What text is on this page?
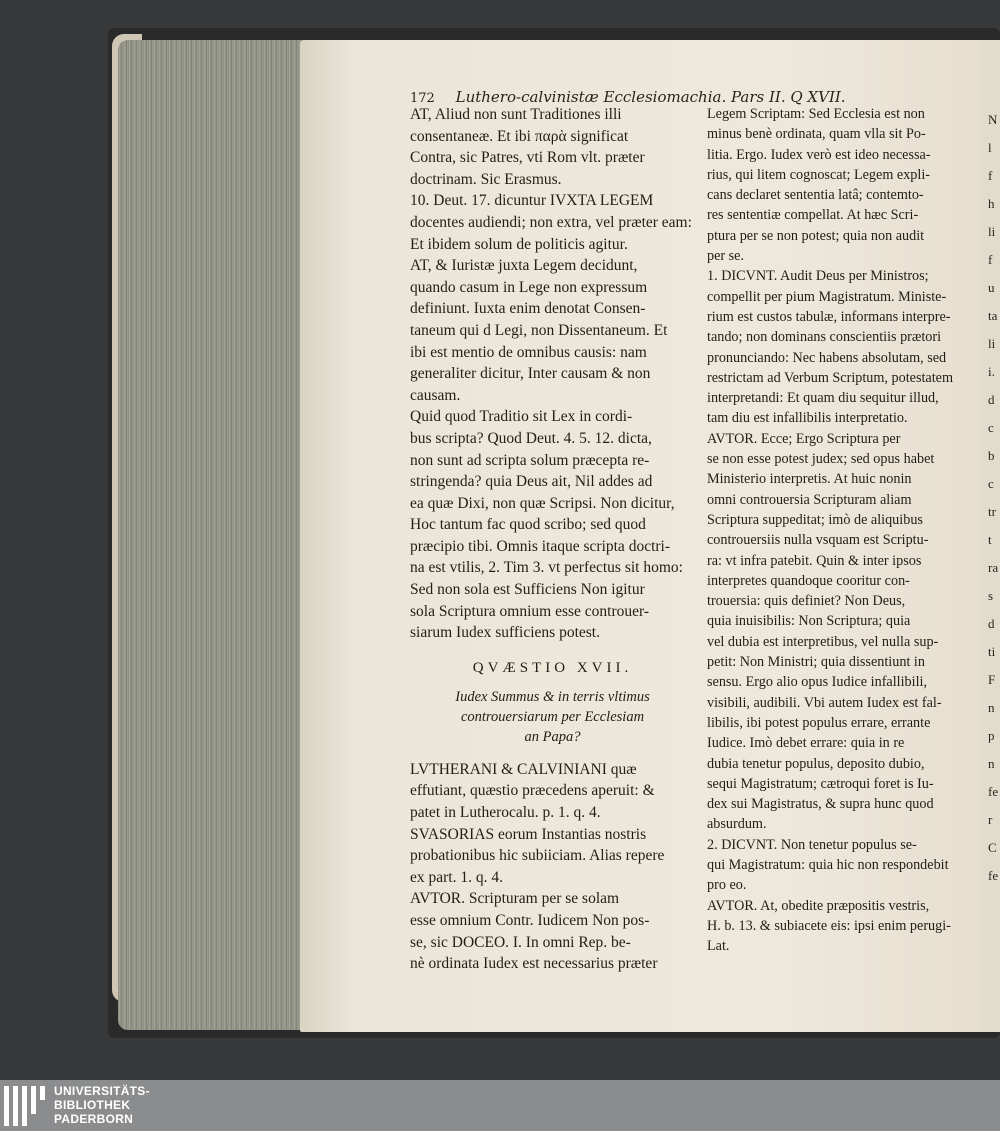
172 Luthero-calvinistæ Ecclesiomachia. Pars II. Q XVII.
AT, Aliud non sunt Traditiones illi
consentaneæ. Et ibi παρὰ significat
Contra, sic Patres, vti Rom vlt. præter
doctrinam. Sic Erasmus.
10. Deut. 17. dicuntur IVXTA LEGEM
docentes audiendi; non extra, vel præter eam:
Et ibidem solum de politicis agitur.
AT, & Iuristæ juxta Legem decidunt,
quando casum in Lege non expressum
definiunt. Iuxta enim denotat Consen-
taneum qui d Legi, non Dissentaneum. Et
ibi est mentio de omnibus causis: nam
generaliter dicitur, Inter causam & non
causam.
Quid quod Traditio sit Lex in cordi-
bus scripta? Quod Deut. 4. 5. 12. dicta,
non sunt ad scripta solum præcepta re-
stringenda? quia Deus ait, Nil addes ad
ea quæ Dixi, non quæ Scripsi. Non dicitur,
Hoc tantum fac quod scribo; sed quod
præcipio tibi. Omnis itaque scripta doctri-
na est vtilis, 2. Tim 3. vt perfectus sit homo:
Sed non sola est Sufficiens Non igitur
sola Scriptura omnium esse controuer-
siarum Iudex sufficiens potest.
QVÆSTIO XVII.
Iudex Summus & in terris vltimus
controuersiarum per Ecclesiam
an Papa?
LVTHERANI & CALVINIANI quæ
effutiant, quæstio præcedens aperuit: &
patet in Lutherocalu. p. 1. q. 4.
SVASORIAS eorum Instantias nostris
probationibus hic subiiciam. Alias repere
ex part. 1. q. 4.
AVTOR. Scripturam per se solam
esse omnium Contr. Iudicem Non pos-
se, sic DOCEO. I. In omni Rep. be-
nè ordinata Iudex est necessarius præter
Legem Scriptam: Sed Ecclesia est non
minus benè ordinata, quam vlla sit Po-
litia. Ergo. Iudex verò est ideo necessa-
rius, qui litem cognoscat; Legem expli-
cans declaret sententia latâ; contemto-
res sententiæ compellat. At hæc Scri-
ptura per se non potest; quia non audit
per se.
1. DICVNT. Audit Deus per Ministros;
compellit per pium Magistratum. Ministe-
rium est custos tabulæ, informans interpre-
tando; non dominans conscientiis prætori
pronunciando: Nec habens absolutam, sed
restrictam ad Verbum Scriptum, potestatem
interpretandi: Et quam diu sequitur illud,
tam diu est infallibilis interpretatio.
AVTOR. Ecce; Ergo Scriptura per
se non esse potest judex; sed opus habet
Ministerio interpretis. At huic nonin
omni controuersia Scripturam aliam
Scriptura suppeditat; imò de aliquibus
controuersiis nulla vsquam est Scriptu-
ra: vt infra patebit. Quin & inter ipsos
interpretes quandoque cooritur con-
trouersia: quis definiet? Non Deus,
quia inuisibilis: Non Scriptura; quia
vel dubia est interpretibus, vel nulla sup-
petit: Non Ministri; quia dissentiunt in
sensu. Ergo alio opus Iudice infallibili,
visibili, audibili. Vbi autem Iudex est fal-
libilis, ibi potest populus errare, errante
Iudice. Imò debet errare: quia in re
dubia tenetur populus, deposito dubio,
sequi Magistratum; cætroqui foret is Iu-
dex sui Magistratus, & supra hunc quod
absurdum.
2. DICVNT. Non tenetur populus se-
qui Magistratum: quia hic non respondebit
pro eo.
AVTOR. At, obedite præpositis vestris,
H. b. 13. & subiacete eis: ipsi enim perugi-
Lat.
N
l
f
h
li
f
u
ta
li
i.
d
c
b
c
tr
t
ra
s
d
ti
F
n
p
n
fe
r
C
fe
UNIVERSITÄTS-
BIBLIOTHEK
PADERBORN
